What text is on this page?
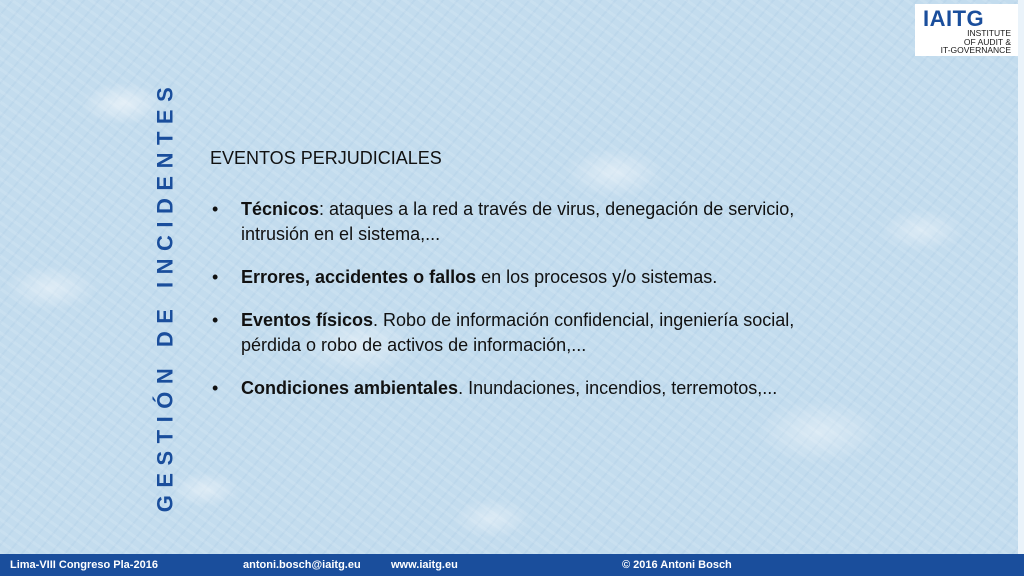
GESTIÓN DE INCIDENTES
IAITG
INSTITUTE
OF AUDIT &
IT-GOVERNANCE
EVENTOS PERJUDICIALES
• Técnicos: ataques a la red a través de virus, denegación de servicio, intrusión en el sistema,...
• Errores, accidentes o fallos en los procesos y/o sistemas.
• Eventos físicos. Robo de información confidencial, ingeniería social, pérdida o robo de activos de información,...
• Condiciones ambientales. Inundaciones, incendios, terremotos,...
Lima-VIII Congreso Pla-2016	antoni.bosch@iaitg.eu	www.iaitg.eu	© 2016 Antoni Bosch
